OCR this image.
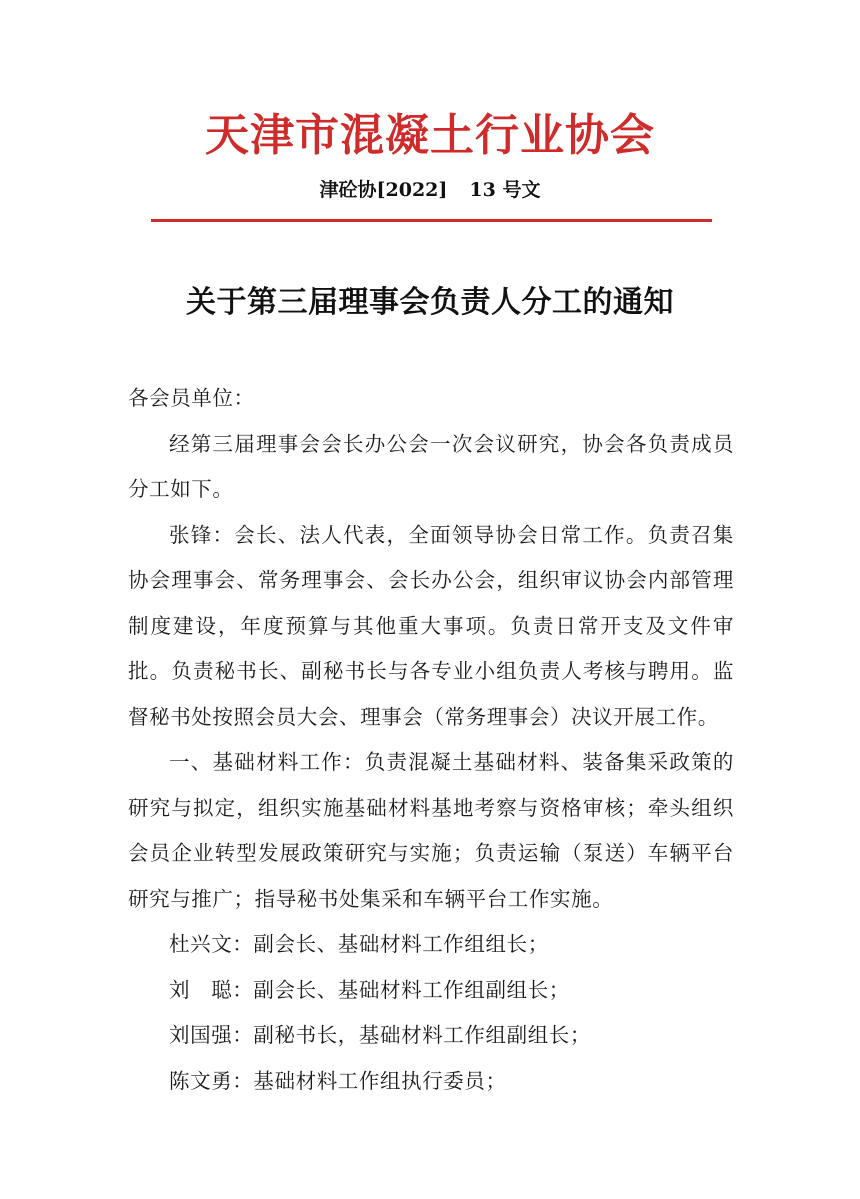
天津市混凝土行业协会
津砼协[2022] 13 号文
关于第三届理事会负责人分工的通知

各会员单位：

经第三届理事会会长办公会一次会议研究，协会各负责成员分工如下。

张锋：会长、法人代表，全面领导协会日常工作。负责召集协会理事会、常务理事会、会长办公会，组织审议协会内部管理制度建设，年度预算与其他重大事项。负责日常开支及文件审批。负责秘书长、副秘书长与各专业小组负责人考核与聘用。监督秘书处按照会员大会、理事会（常务理事会）决议开展工作。

一、基础材料工作：负责混凝土基础材料、装备集采政策的研究与拟定，组织实施基础材料基地考察与资格审核；牵头组织会员企业转型发展政策研究与实施；负责运输（泵送）车辆平台研究与推广；指导秘书处集采和车辆平台工作实施。

杜兴文：副会长、基础材料工作组组长；

刘　聪：副会长、基础材料工作组副组长；

刘国强：副秘书长，基础材料工作组副组长；

陈文勇：基础材料工作组执行委员；
